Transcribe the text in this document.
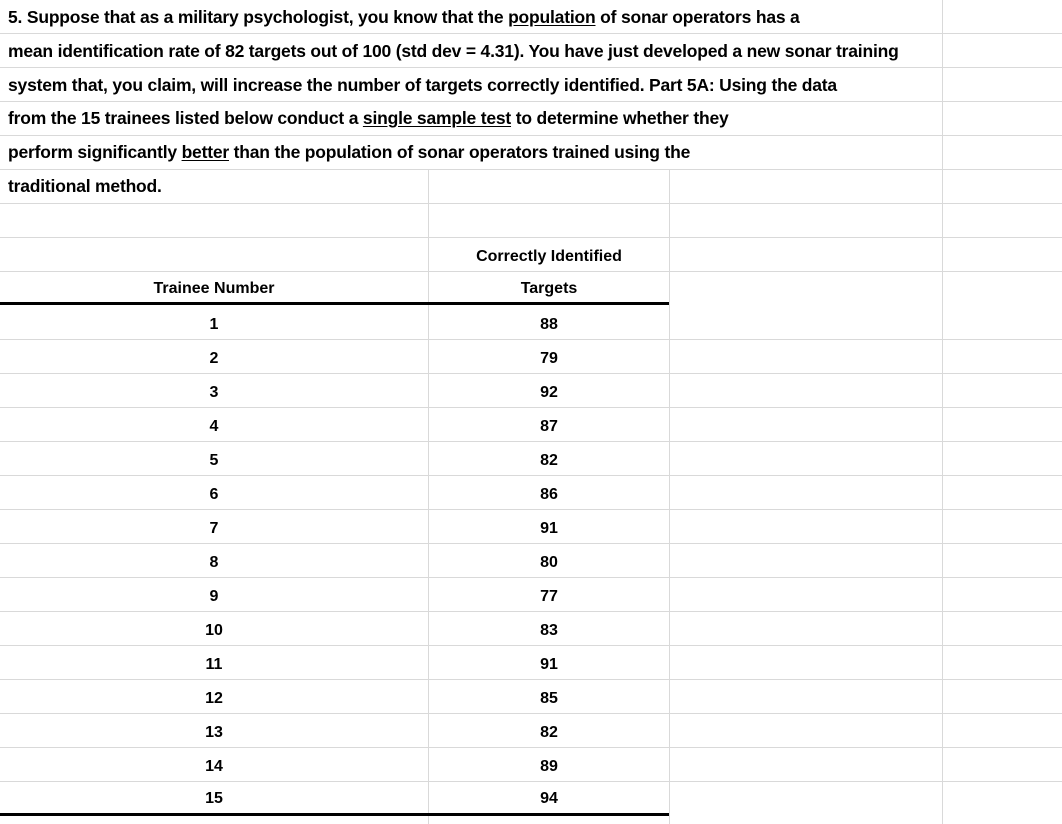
5. Suppose that as a military psychologist, you know that the population of sonar operators has a
mean identification rate of 82 targets out of 100 (std dev = 4.31). You have just developed a new sonar training
system that, you claim, will increase the number of targets correctly identified. Part 5A: Using the data
from the 15 trainees listed below conduct a single sample test to determine whether they
perform significantly better than the population of sonar operators trained using the
traditional method.
Correctly Identified
Trainee Number	Targets
1	88
2	79
3	92
4	87
5	82
6	86
7	91
8	80
9	77
10	83
11	91
12	85
13	82
14	89
15	94
